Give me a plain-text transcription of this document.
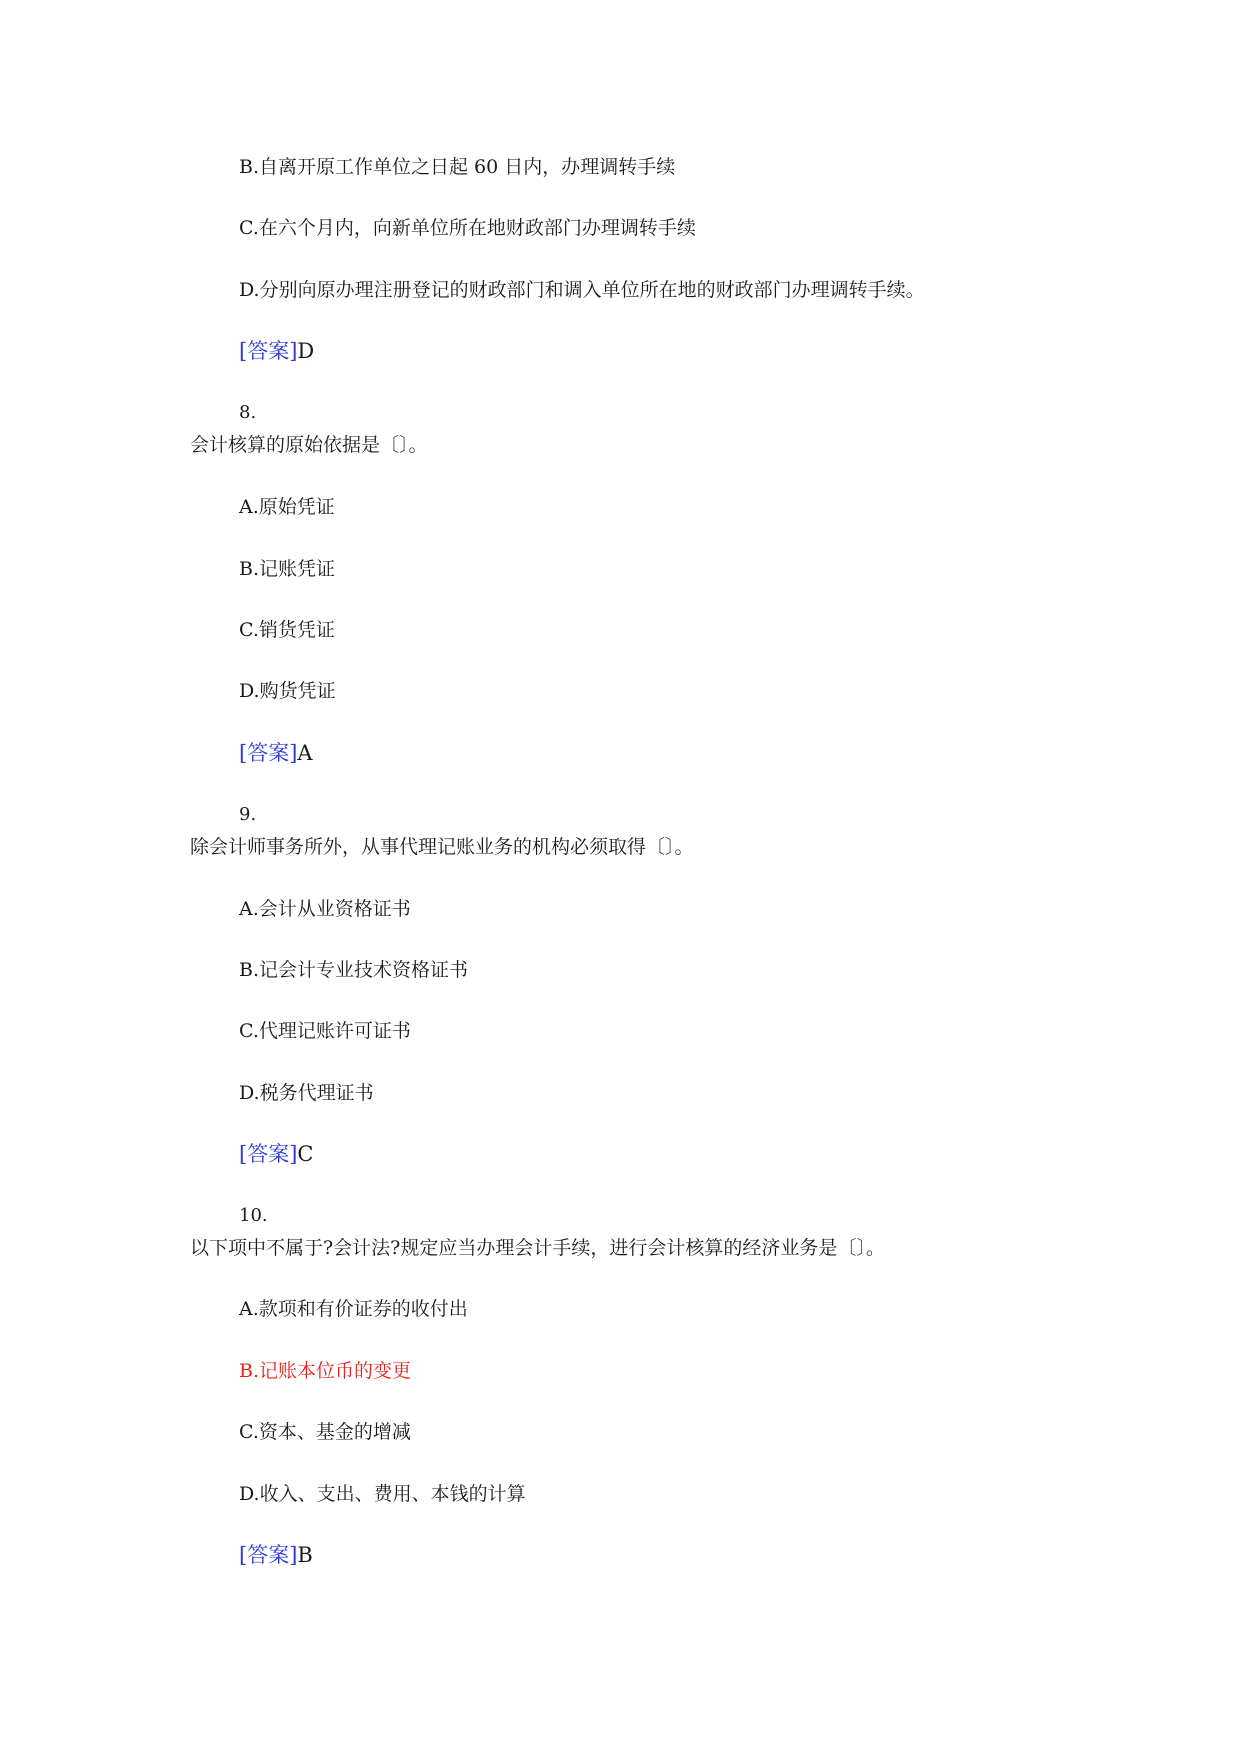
B.自离开原工作单位之日起 60 日内，办理调转手续
C.在六个月内，向新单位所在地财政部门办理调转手续
D.分别向原办理注册登记的财政部门和调入单位所在地的财政部门办理调转手续。
[答案]D
8.
会计核算的原始依据是〔〕。
A.原始凭证
B.记账凭证
C.销货凭证
D.购货凭证
[答案]A
9.
除会计师事务所外，从事代理记账业务的机构必须取得〔〕。
A.会计从业资格证书
B.记会计专业技术资格证书
C.代理记账许可证书
D.税务代理证书
[答案]C
10.
以下项中不属于?会计法?规定应当办理会计手续，进行会计核算的经济业务是〔〕。
A.款项和有价证券的收付出
B.记账本位币的变更
C.资本、基金的增减
D.收入、支出、费用、本钱的计算
[答案]B
